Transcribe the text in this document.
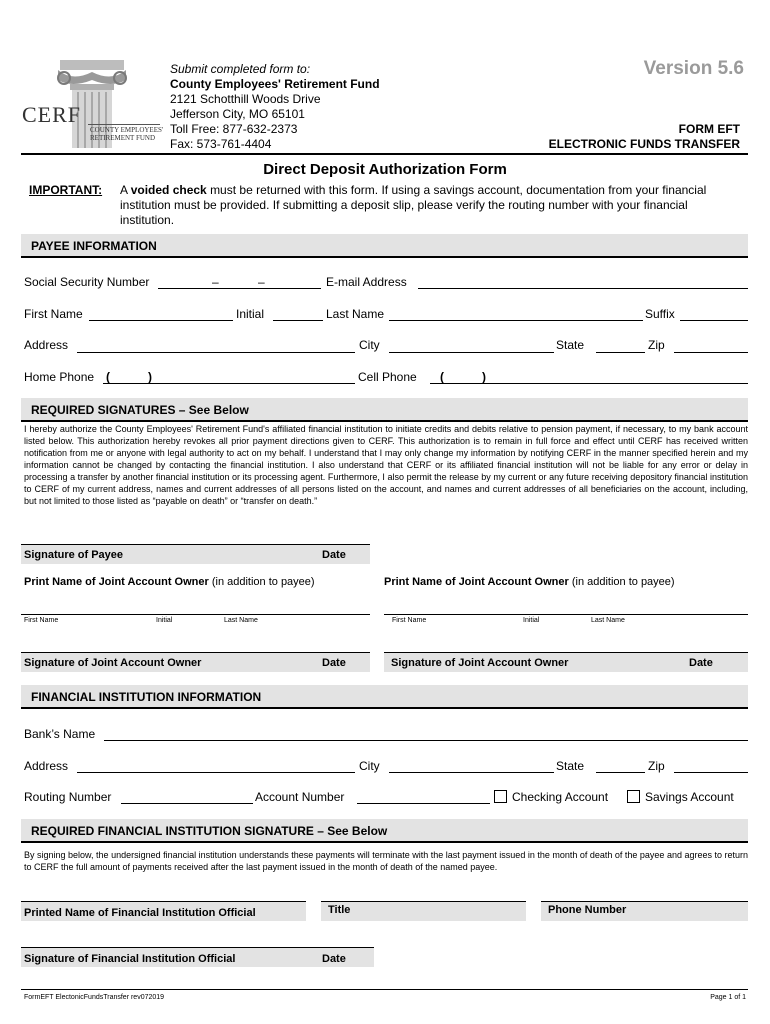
CERF
COUNTY EMPLOYEES'
RETIREMENT FUND
Submit completed form to:
County Employees' Retirement Fund
2121 Schotthill Woods Drive
Jefferson City, MO 65101
Toll Free: 877-632-2373
Fax: 573-761-4404
Version 5.6
FORM EFT
ELECTRONIC FUNDS TRANSFER
Direct Deposit Authorization Form
IMPORTANT: A voided check must be returned with this form. If using a savings account, documentation from your financial
institution must be provided. If submitting a deposit slip, please verify the routing number with your financial
institution.
PAYEE INFORMATION
Social Security Number	–	–	E-mail Address
First Name	Initial	Last Name	Suffix
Address	City	State	Zip
Home Phone (	)	Cell Phone (	)
REQUIRED SIGNATURES – See Below
I hereby authorize the County Employees' Retirement Fund's affiliated financial institution to initiate credits and debits relative to pension payment, if necessary, to my bank account listed below. This authorization hereby revokes all prior payment directions given to CERF. This authorization is to remain in full force and effect until CERF has received written notification from me or anyone with legal authority to act on my behalf. I understand that I may only change my information by notifying CERF in the manner specified herein and my information cannot be changed by contacting the financial institution. I also understand that CERF or its affiliated financial institution will not be liable for any error or delay in processing a transfer by another financial institution or its processing agent. Furthermore, I also permit the release by my current or any future receiving depository financial institution to CERF of my current address, names and current addresses of all persons listed on the account, and names and current addresses of all beneficiaries on the account, including, but not limited to those listed as “payable on death” or “transfer on death.”
Signature of Payee	Date
Print Name of Joint Account Owner (in addition to payee)	Print Name of Joint Account Owner (in addition to payee)
First Name	Initial	Last Name	First Name	Initial	Last Name
Signature of Joint Account Owner	Date	Signature of Joint Account Owner	Date
FINANCIAL INSTITUTION INFORMATION
Bank’s Name
Address	City	State	Zip
Routing Number	Account Number	Checking Account	Savings Account
REQUIRED FINANCIAL INSTITUTION SIGNATURE – See Below
By signing below, the undersigned financial institution understands these payments will terminate with the last payment issued in the month of death of the payee and agrees to return to CERF the full amount of payments received after the last payment issued in the month of death of the named payee.
Printed Name of Financial Institution Official	Title	Phone Number
Signature of Financial Institution Official	Date
FormEFT ElectonicFundsTransfer rev072019	Page 1 of 1
